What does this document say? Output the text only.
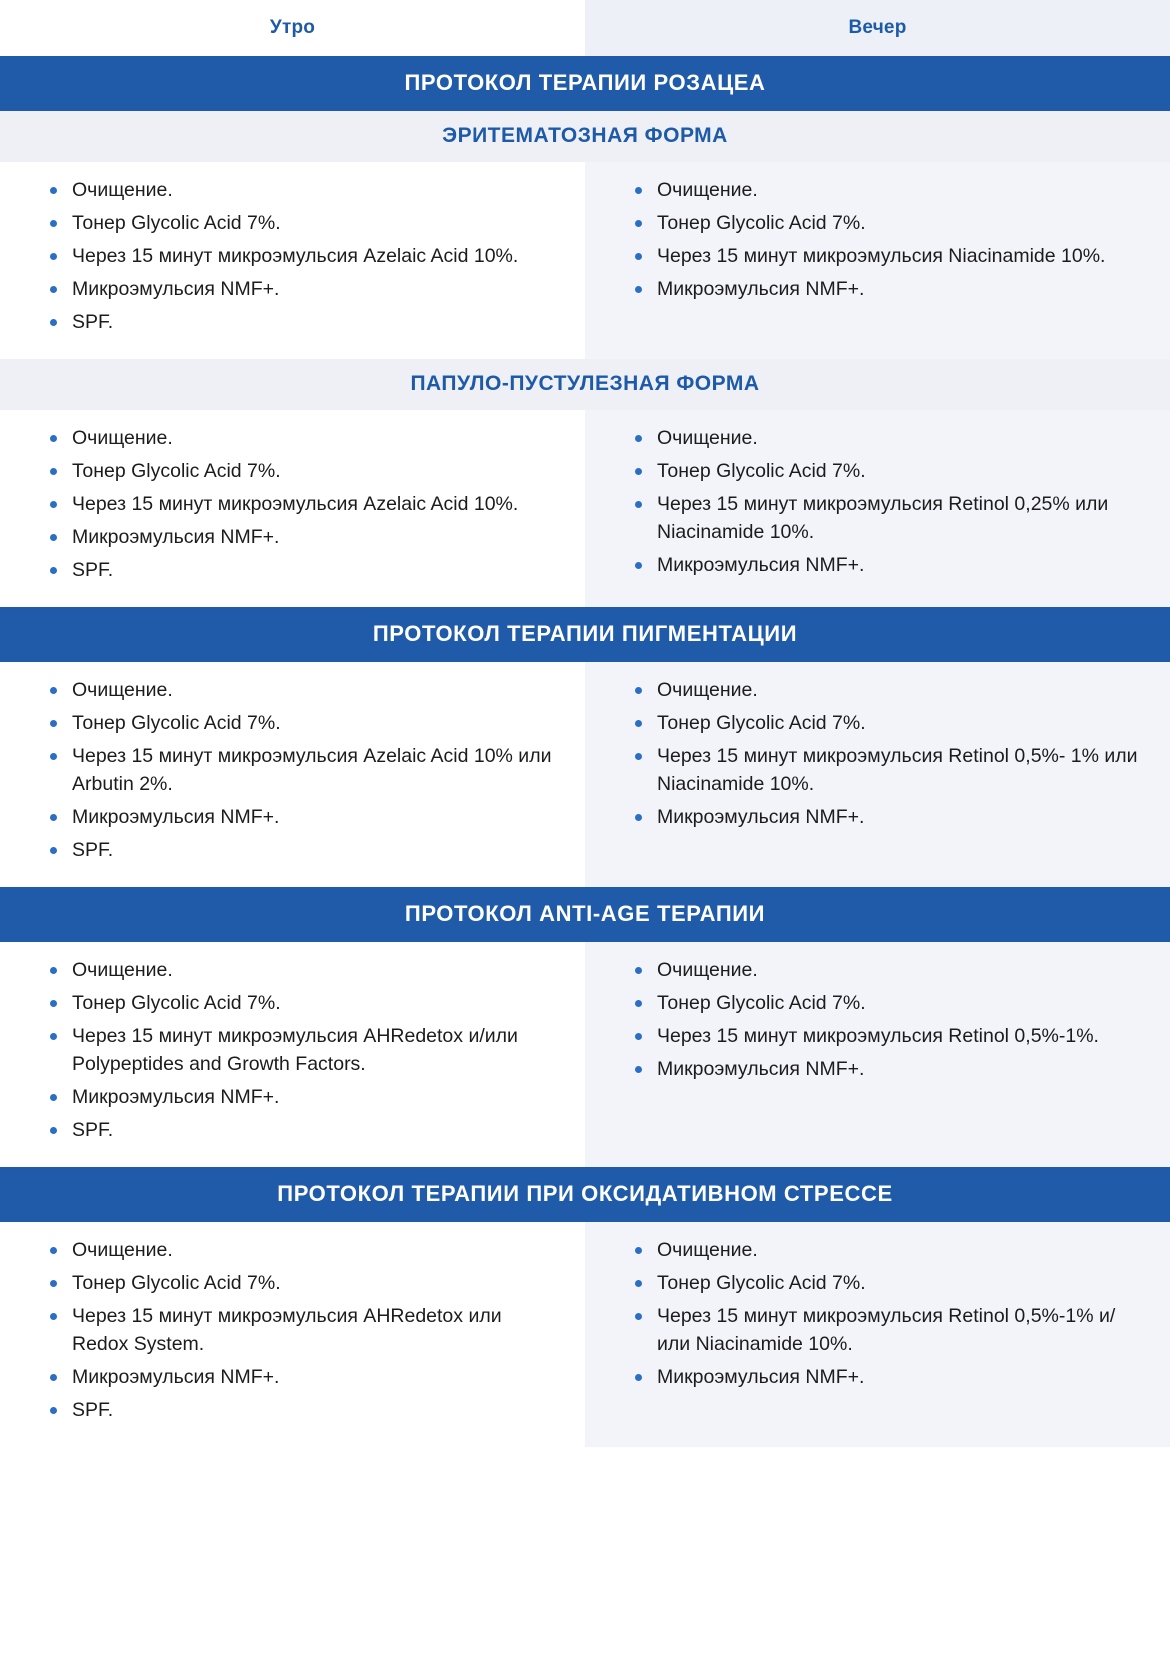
Утро	Вечер
ПРОТОКОЛ ТЕРАПИИ РОЗАЦЕА
ЭРИТЕМАТОЗНАЯ ФОРМА
Очищение.
Тонер Glycolic Acid 7%.
Через 15 минут микроэмульсия Azelaic Acid 10%.
Микроэмульсия NMF+.
SPF.
Очищение.
Тонер Glycolic Acid 7%.
Через 15 минут микроэмульсия Niacinamide 10%.
Микроэмульсия NMF+.
ПАПУЛО-ПУСТУЛЕЗНАЯ ФОРМА
Очищение.
Тонер Glycolic Acid 7%.
Через 15 минут микроэмульсия Azelaic Acid 10%.
Микроэмульсия NMF+.
SPF.
Очищение.
Тонер Glycolic Acid 7%.
Через 15 минут микроэмульсия Retinol 0,25% или Niacinamide 10%.
Микроэмульсия NMF+.
ПРОТОКОЛ ТЕРАПИИ ПИГМЕНТАЦИИ
Очищение.
Тонер Glycolic Acid 7%.
Через 15 минут микроэмульсия Azelaic Acid 10% или Arbutin 2%.
Микроэмульсия NMF+.
SPF.
Очищение.
Тонер Glycolic Acid 7%.
Через 15 минут микроэмульсия Retinol 0,5%- 1% или Niacinamide 10%.
Микроэмульсия NMF+.
ПРОТОКОЛ ANTI-AGE ТЕРАПИИ
Очищение.
Тонер Glycolic Acid 7%.
Через 15 минут микроэмульсия AHRedetox и/или Polypeptides and Growth Factors.
Микроэмульсия NMF+.
SPF.
Очищение.
Тонер Glycolic Acid 7%.
Через 15 минут микроэмульсия Retinol 0,5%-1%.
Микроэмульсия NMF+.
ПРОТОКОЛ ТЕРАПИИ ПРИ ОКСИДАТИВНОМ СТРЕССЕ
Очищение.
Тонер Glycolic Acid 7%.
Через 15 минут микроэмульсия AHRedetox или Redox System.
Микроэмульсия NMF+.
SPF.
Очищение.
Тонер Glycolic Acid 7%.
Через 15 минут микроэмульсия Retinol 0,5%-1% и/или Niacinamide 10%.
Микроэмульсия NMF+.
